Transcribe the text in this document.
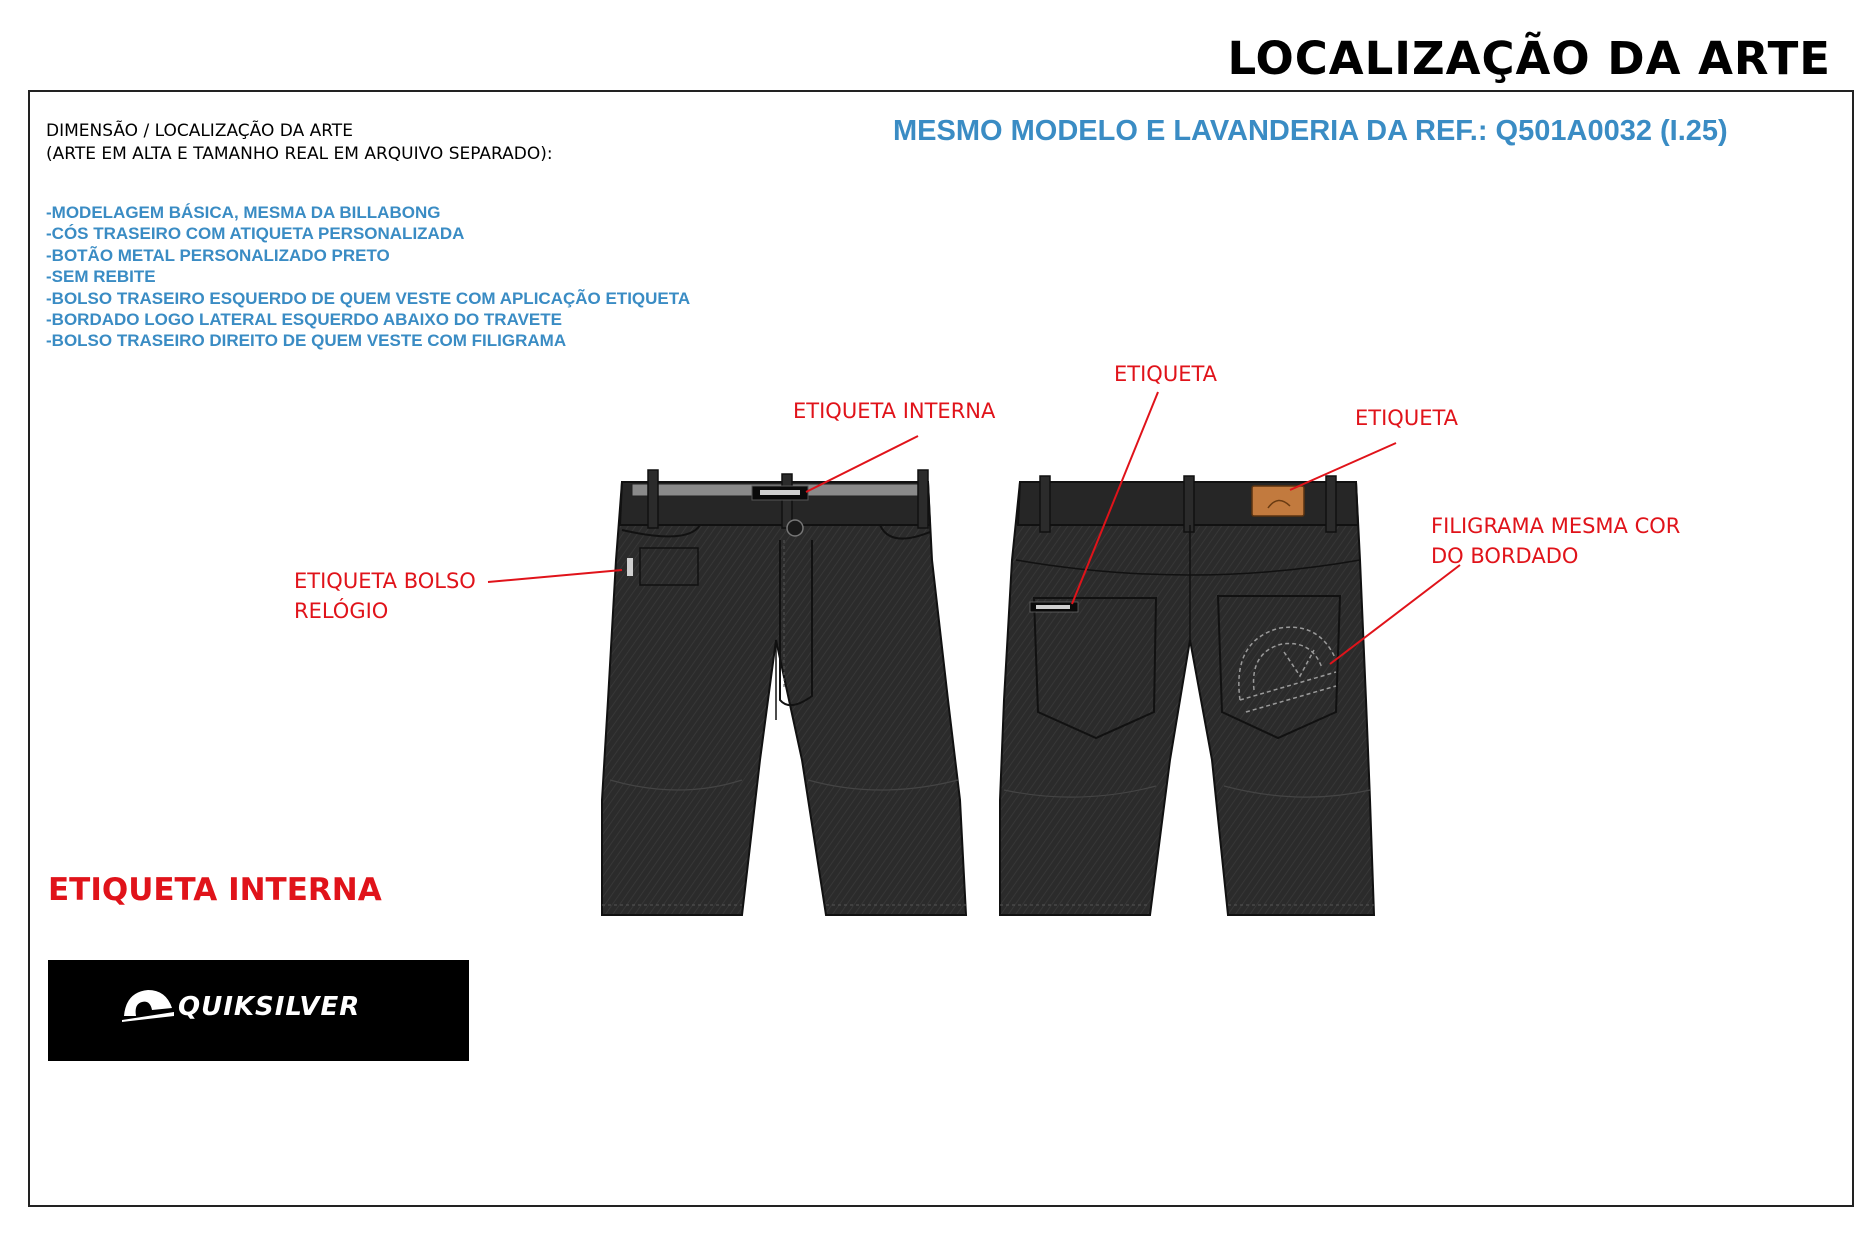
LOCALIZAÇÃO DA ARTE
DIMENSÃO / LOCALIZAÇÃO DA ARTE
(ARTE EM ALTA E TAMANHO REAL EM ARQUIVO SEPARADO):
MESMO MODELO E LAVANDERIA DA REF.: Q501A0032 (I.25)
-MODELAGEM BÁSICA, MESMA DA BILLABONG
-CÓS TRASEIRO COM ATIQUETA PERSONALIZADA
-BOTÃO METAL PERSONALIZADO PRETO
-SEM REBITE
-BOLSO TRASEIRO ESQUERDO DE QUEM VESTE COM APLICAÇÃO ETIQUETA
-BORDADO LOGO LATERAL ESQUERDO ABAIXO DO TRAVETE
-BOLSO TRASEIRO DIREITO DE QUEM VESTE COM FILIGRAMA
ETIQUETA INTERNA
ETIQUETA BOLSO
RELÓGIO
ETIQUETA
ETIQUETA
FILIGRAMA MESMA COR
DO BORDADO
ETIQUETA INTERNA
QUIKSILVER
